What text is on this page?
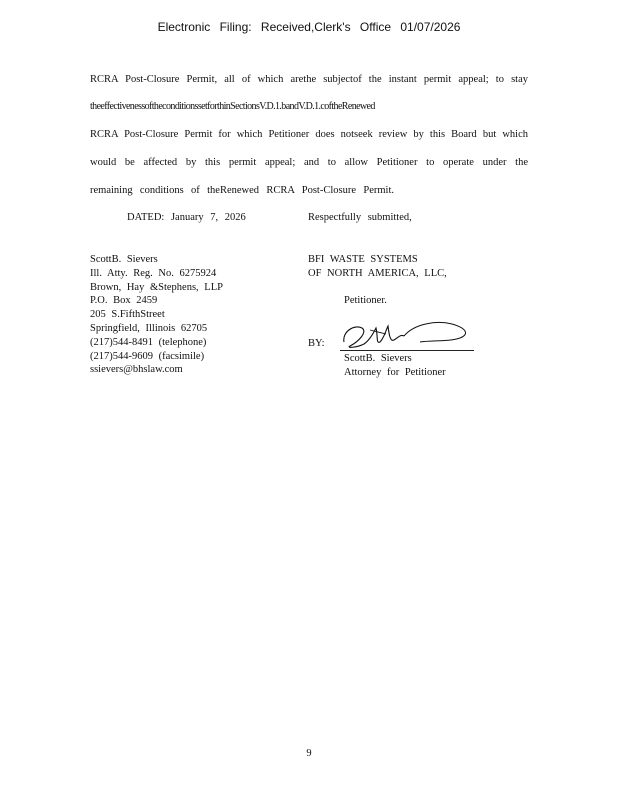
Electronic Filing: Received,Clerk's Office 01/07/2026
RCRA Post-Closure Permit, all of which arethe subjectof the instant permit appeal; to stay
theeffectivenessoftheconditionssetforthinSectionsV.D.1.bandV.D.1.coftheRenewed
RCRA Post-Closure Permit for which Petitioner does notseek review by this Board but which
would be affected by this permit appeal; and to allow Petitioner to operate under the
remaining conditions of theRenewed RCRA Post-Closure Permit.
DATED: January 7, 2026	Respectfully submitted,
ScottB. Sievers
Ill. Atty. Reg. No. 6275924
Brown, Hay &Stephens, LLP
P.O. Box 2459
205 S.FifthStreet
Springfield, Illinois 62705
(217)544-8491 (telephone)
(217)544-9609 (facsimile)
ssievers@bhslaw.com
BFI WASTE SYSTEMS
OF NORTH AMERICA, LLC,
Petitioner.
BY:
ScottB. Sievers
Attorney for Petitioner
9
